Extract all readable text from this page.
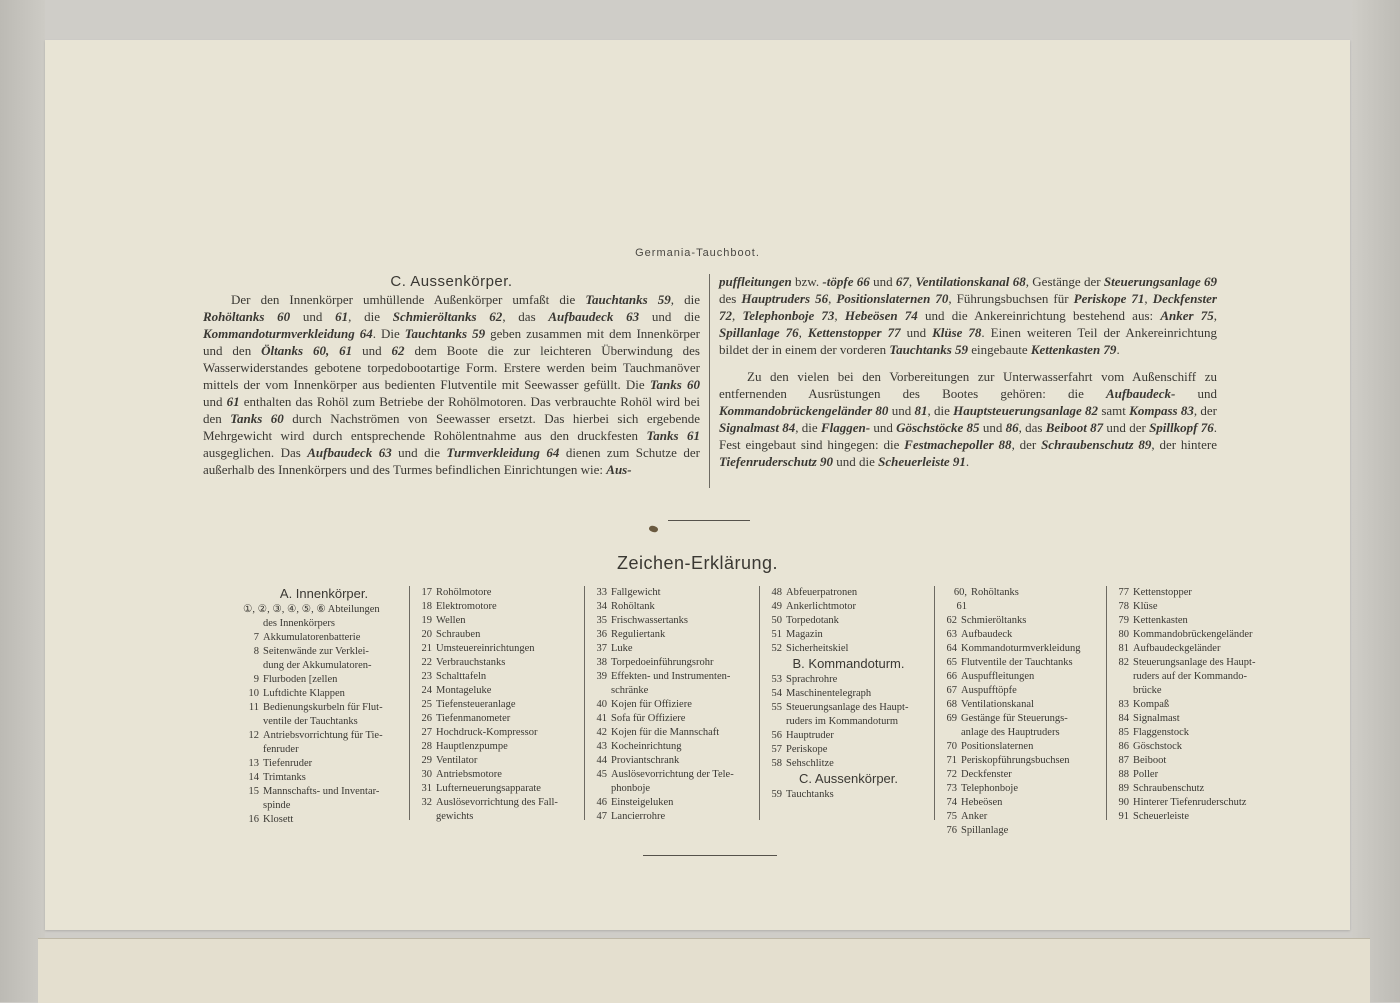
Germania-Tauchboot.
C. Aussenkörper.
Der den Innenkörper umhüllende Außenkörper umfaßt die Tauchtanks 59, die Rohöltanks 60 und 61, die Schmieröltanks 62, das Aufbaudeck 63 und die Kommandoturmverkleidung 64. Die Tauchtanks 59 geben zusammen mit dem Innenkörper und den Öltanks 60, 61 und 62 dem Boote die zur leichteren Überwindung des Wasserwiderstandes gebotene torpedobootartige Form. Erstere werden beim Tauchmanöver mittels der vom Innenkörper aus bedienten Flutventile mit Seewasser gefüllt. Die Tanks 60 und 61 enthalten das Rohöl zum Betriebe der Rohölmotoren. Das verbrauchte Rohöl wird bei den Tanks 60 durch Nachströmen von Seewasser ersetzt. Das hierbei sich ergebende Mehrgewicht wird durch entsprechende Rohölentnahme aus den druckfesten Tanks 61 ausgeglichen. Das Aufbaudeck 63 und die Turmverkleidung 64 dienen zum Schutze der außerhalb des Innenkörpers und des Turmes befindlichen Einrichtungen wie: Aus-
puffleitungen bzw. -töpfe 66 und 67, Ventilationskanal 68, Gestänge der Steuerungsanlage 69 des Hauptruders 56, Positionslaternen 70, Führungsbuchsen für Periskope 71, Deckfenster 72, Telephonboje 73, Hebeösen 74 und die Ankereinrichtung bestehend aus: Anker 75, Spillanlage 76, Kettenstopper 77 und Klüse 78. Einen weiteren Teil der Ankereinrichtung bildet der in einem der vorderen Tauchtanks 59 eingebaute Kettenkasten 79.
Zu den vielen bei den Vorbereitungen zur Unterwasserfahrt vom Außenschiff zu entfernenden Ausrüstungen des Bootes gehören: die Aufbaudeck- und Kommandobrückengeländer 80 und 81, die Hauptsteuerungsanlage 82 samt Kompass 83, der Signalmast 84, die Flaggen- und Göschstöcke 85 und 86, das Beiboot 87 und der Spillkopf 76. Fest eingebaut sind hingegen: die Festmachepoller 88, der Schraubenschutz 89, der hintere Tiefenruderschutz 90 und die Scheuerleiste 91.
Zeichen-Erklärung.
A. Innenkörper.
①, ②, ③, ④, ⑤, ⑥ Abteilungen
des Innenkörpers
7 Akkumulatorenbatterie
8 Seitenwände zur Verklei-
dung der Akkumulatoren-
9 Flurboden [zellen
10 Luftdichte Klappen
11 Bedienungskurbeln für Flut-
ventile der Tauchtanks
12 Antriebsvorrichtung für Tie-
fenruder
13 Tiefenruder
14 Trimtanks
15 Mannschafts- und Inventar-
spinde
16 Klosett
17 Rohölmotore
18 Elektromotore
19 Wellen
20 Schrauben
21 Umsteuereinrichtungen
22 Verbrauchstanks
23 Schalttafeln
24 Montageluke
25 Tiefensteueranlage
26 Tiefenmanometer
27 Hochdruck-Kompressor
28 Hauptlenzpumpe
29 Ventilator
30 Antriebsmotore
31 Lufterneuerungsapparate
32 Auslösevorrichtung des Fall-
gewichts
33 Fallgewicht
34 Rohöltank
35 Frischwassertanks
36 Reguliertank
37 Luke
38 Torpedoeinführungsrohr
39 Effekten- und Instrumenten-
schränke
40 Kojen für Offiziere
41 Sofa für Offiziere
42 Kojen für die Mannschaft
43 Kocheinrichtung
44 Proviantschrank
45 Auslösevorrichtung der Tele-
phonboje
46 Einsteigeluken
47 Lancierrohre
48 Abfeuerpatronen
49 Ankerlichtmotor
50 Torpedotank
51 Magazin
52 Sicherheitskiel
B. Kommandoturm.
53 Sprachrohre
54 Maschinentelegraph
55 Steuerungsanlage des Haupt-
ruders im Kommandoturm
56 Hauptruder
57 Periskope
58 Sehschlitze
C. Aussenkörper.
59 Tauchtanks
60, 61
Rohöltanks
62 Schmieröltanks
63 Aufbaudeck
64 Kommandoturmverkleidung
65 Flutventile der Tauchtanks
66 Auspuffleitungen
67 Auspufftöpfe
68 Ventilationskanal
69 Gestänge für Steuerungs-
anlage des Hauptruders
70 Positionslaternen
71 Periskopführungsbuchsen
72 Deckfenster
73 Telephonboje
74 Hebeösen
75 Anker
76 Spillanlage
77 Kettenstopper
78 Klüse
79 Kettenkasten
80 Kommandobrückengeländer
81 Aufbaudeckgeländer
82 Steuerungsanlage des Haupt-
ruders auf der Kommando-
brücke
83 Kompaß
84 Signalmast
85 Flaggenstock
86 Göschstock
87 Beiboot
88 Poller
89 Schraubenschutz
90 Hinterer Tiefenruderschutz
91 Scheuerleiste
